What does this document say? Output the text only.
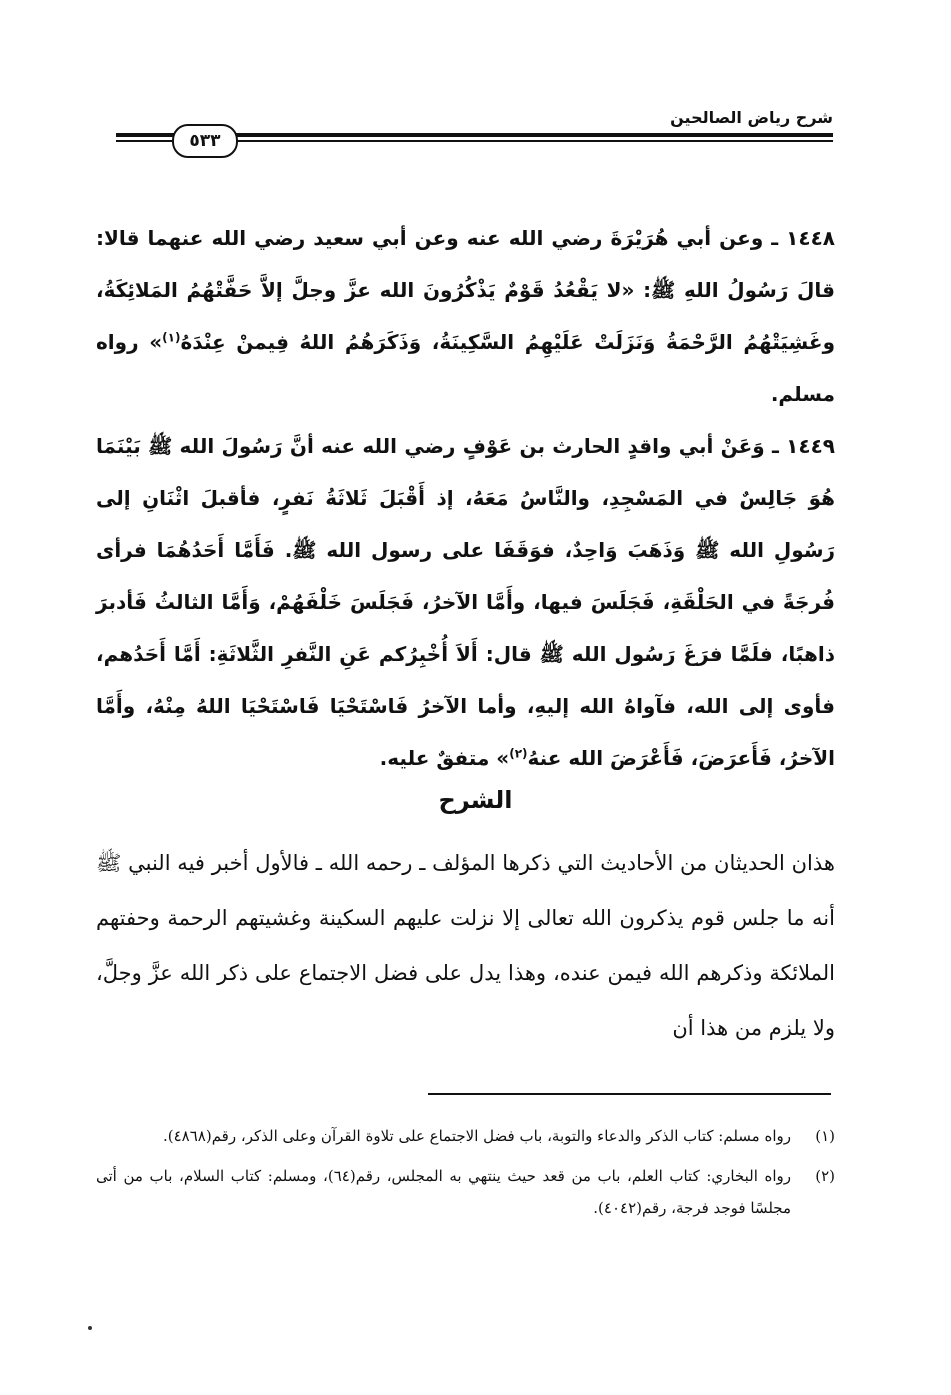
شرح رياض الصالحين
٥٣٣

١٤٤٨ ـ وعن أبي هُرَيْرَةَ رضي الله عنه وعن أبي سعيد رضي الله عنهما قالا: قالَ رَسُولُ اللهِ ﷺ: «لا يَقْعُدُ قَوْمٌ يَذْكُرُونَ الله عزَّ وجلَّ إلاَّ حَفَّتْهُمُ المَلائِكَةُ، وغَشِيَتْهُمُ الرَّحْمَةُ وَنَزَلَتْ عَلَيْهِمُ السَّكِينَةُ، وَذَكَرَهُمُ اللهُ فِيمنْ عِنْدَهُ$^{(١)}$» رواه مسلم.

١٤٤٩ ـ وَعَنْ أبي واقدٍ الحارث بن عَوْفٍ رضي الله عنه أنَّ رَسُولَ الله ﷺ بَيْنَمَا هُوَ جَالِسٌ في المَسْجِدِ، والنَّاسُ مَعَهُ، إذ أَقْبَلَ ثَلاثَةُ نَفرٍ، فأقبلَ اثْنَانِ إلى رَسُولِ الله ﷺ وَذَهَبَ وَاحِدٌ، فوَقَفَا على رسول الله ﷺ. فَأَمَّا أَحَدُهُمَا فرأى فُرجَةً في الحَلْقَةِ، فَجَلَسَ فيها، وأَمَّا الآخرُ، فَجَلَسَ خَلْفَهُمْ، وَأَمَّا الثالثُ فَأدبرَ ذاهبًا، فلَمَّا فرَغَ رَسُول الله ﷺ قال: أَلاَ أُخْبِرُكم عَنِ النَّفرِ الثَّلاثَةِ: أَمَّا أَحَدُهم، فأوى إلى الله، فآواهُ الله إليهِ، وأما الآخرُ فَاسْتَحْيَا فَاسْتَحْيَا اللهُ مِنْهُ، وأَمَّا الآخرُ، فَأَعرَضَ، فَأَعْرَضَ الله عنهُ$^{(٢)}$» متفقٌ عليه.

الشرح

هذان الحديثان من الأحاديث التي ذكرها المؤلف ـ رحمه الله ـ فالأول أخبر فيه النبي ﷺ أنه ما جلس قوم يذكرون الله تعالى إلا نزلت عليهم السكينة وغشيتهم الرحمة وحفتهم الملائكة وذكرهم الله فيمن عنده، وهذا يدل على فضل الاجتماع على ذكر الله عزَّ وجلَّ، ولا يلزم من هذا أن

(١)
رواه مسلم: كتاب الذكر والدعاء والتوبة، باب فضل الاجتماع على تلاوة القرآن وعلى الذكر، رقم(٤٨٦٨).
(٢)
رواه البخاري: كتاب العلم، باب من قعد حيث ينتهي به المجلس، رقم(٦٤)، ومسلم: كتاب السلام، باب من أتى مجلسًا فوجد فرجة، رقم(٤٠٤٢).
